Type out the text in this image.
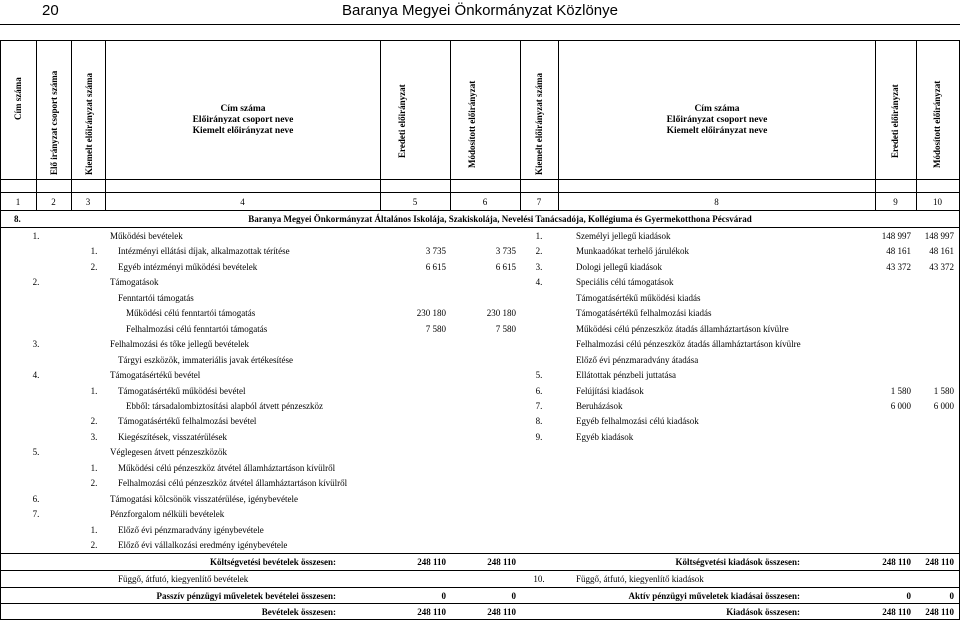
20	Baranya Megyei Önkormányzat Közlönye
Cím száma	Elő irányzat csoport száma	Kiemelt előirányzat száma	Cím száma
Előirányzat csoport neve
Kiemelt előirányzat neve	Eredeti előirányzat	Módosított előirányzat	Kiemelt előirányzat száma	Cím száma
Előirányzat csoport neve
Kiemelt előirányzat neve	Eredeti előirányzat	Módosított előirányzat
1	2	3	4	5	6	7	8	9	10
8.	Baranya Megyei Önkormányzat Általános Iskolája, Szakiskolája, Nevelési Tanácsadója, Kollégiuma és Gyermekotthona Pécsvárad
1.	Működési bevételek	1.	Személyi jellegű kiadások	148 997	148 997
1.	Intézményi ellátási díjak, alkalmazottak térítése	3 735	3 735	2.	Munkaadókat terhelő járulékok	48 161	48 161
2.	Egyéb intézményi működési bevételek	6 615	6 615	3.	Dologi jellegű kiadások	43 372	43 372
2.	Támogatások	4.	Speciális célú támogatások
Fenntartói támogatás	Támogatásértékű működési kiadás
Működési célú fenntartói támogatás	230 180	230 180	Támogatásértékű felhalmozási kiadás
Felhalmozási célú fenntartói támogatás	7 580	7 580	Működési célú pénzeszköz átadás államháztartáson kívülre
3.	Felhalmozási és tőke jellegű bevételek	Felhalmozási célú pénzeszköz átadás államháztartáson kívülre
Tárgyi eszközök, immateriális javak értékesítése	Előző évi pénzmaradvány átadása
4.	Támogatásértékű bevétel	5.	Ellátottak pénzbeli juttatása
1.	Támogatásértékű működési bevétel	6.	Felújítási kiadások	1 580	1 580
Ebből: társadalombiztosítási alapból átvett pénzeszköz	7.	Beruházások	6 000	6 000
2.	Támogatásértékű felhalmozási bevétel	8.	Egyéb felhalmozási célú kiadások
3.	Kiegészítések, visszatérülések	9.	Egyéb kiadások
5.	Véglegesen átvett pénzeszközök
1.	Működési célú pénzeszköz átvétel államháztartáson kívülről
2.	Felhalmozási célú pénzeszköz átvétel államháztartáson kívülről
6.	Támogatási kölcsönök visszatérülése, igénybevétele
7.	Pénzforgalom nélküli bevételek
1.	Előző évi pénzmaradvány igénybevétele
2.	Előző évi vállalkozási eredmény igénybevétele
Költségvetési bevételek összesen:	248 110	248 110	Költségvetési kiadások összesen:	248 110	248 110
Függő, átfutó, kiegyenlítő bevételek	10.	Függő, átfutó, kiegyenlítő kiadások
Passzív pénzügyi műveletek bevételei összesen:	0	0	Aktív pénzügyi műveletek kiadásai összesen:	0	0
Bevételek összesen:	248 110	248 110	Kiadások összesen:	248 110	248 110
